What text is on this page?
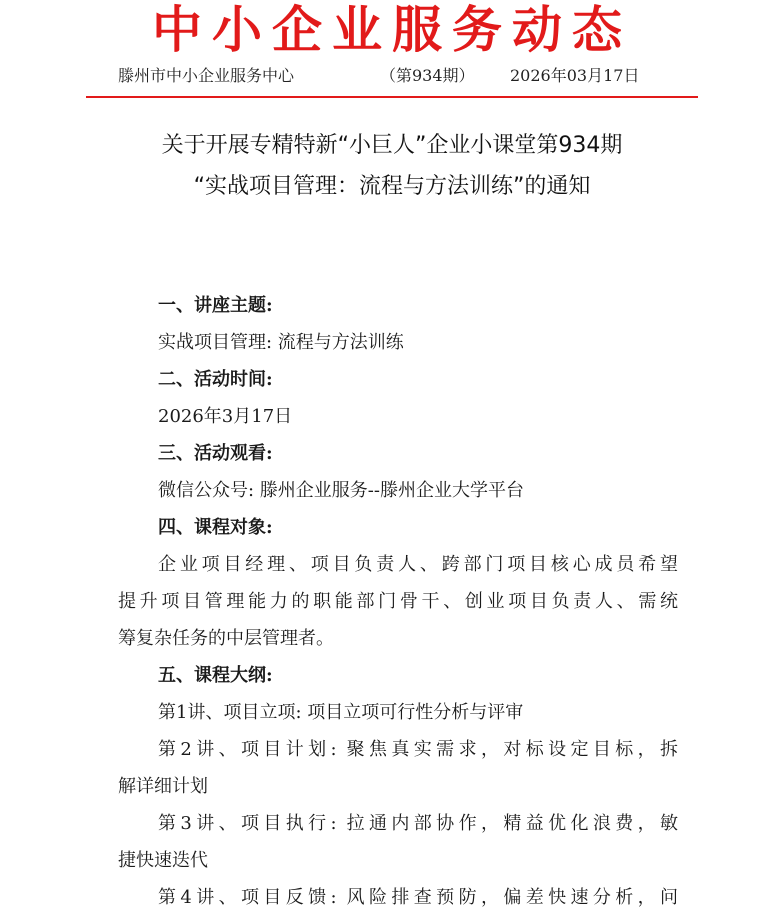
中小企业服务动态
滕州市中小企业服务中心	（第934期） 2026年03月17日
关于开展专精特新“小巨人”企业小课堂第934期
“实战项目管理：流程与方法训练”的通知
一、讲座主题:
实战项目管理: 流程与方法训练
二、活动时间:
2026年3月17日
三、活动观看:
微信公众号: 滕州企业服务--滕州企业大学平台
四、课程对象:
企业项目经理、项目负责人、跨部门项目核心成员希望
提升项目管理能力的职能部门骨干、创业项目负责人、需统
筹复杂任务的中层管理者。
五、课程大纲:
第1讲、项目立项: 项目立项可行性分析与评审
第2讲、项目计划: 聚焦真实需求，对标设定目标，拆
解详细计划
第3讲、项目执行: 拉通内部协作，精益优化浪费，敏
捷快速迭代
第4讲、项目反馈: 风险排查预防，偏差快速分析，问
